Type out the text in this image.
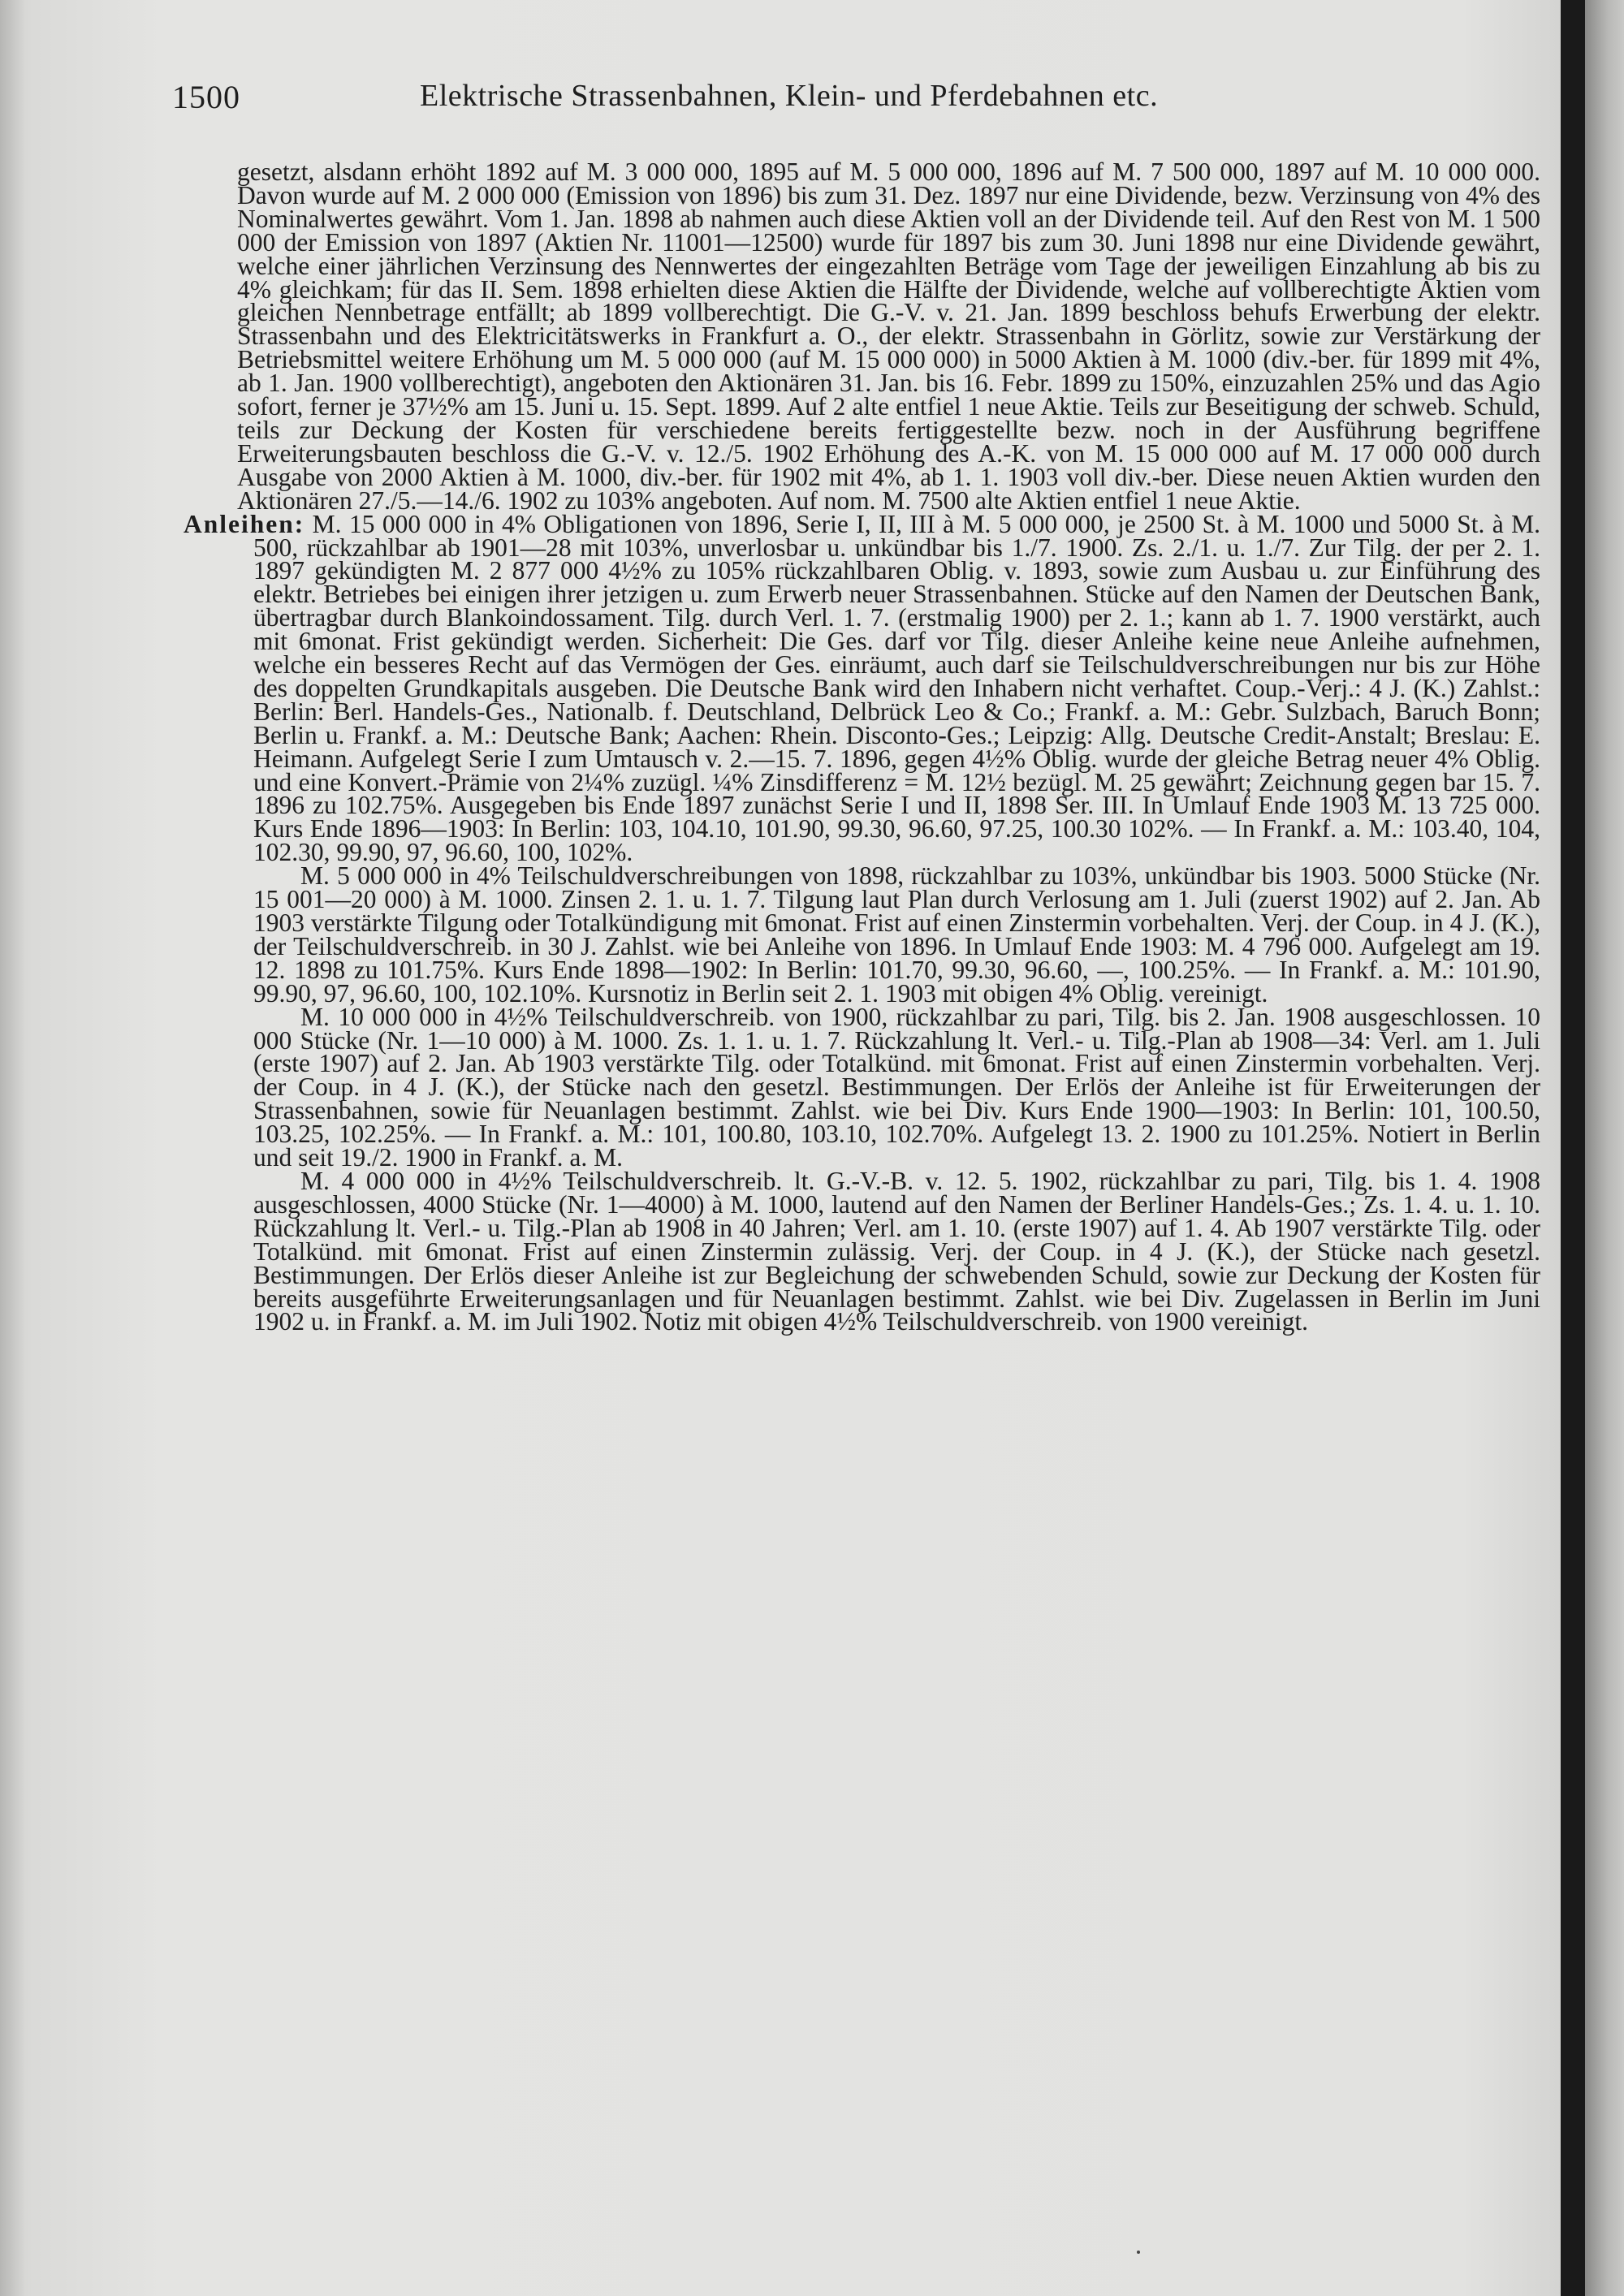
1500	Elektrische Strassenbahnen, Klein- und Pferdebahnen etc.

gesetzt, alsdann erhöht 1892 auf M. 3 000 000, 1895 auf M. 5 000 000, 1896 auf M. 7 500 000, 1897 auf M. 10 000 000. Davon wurde auf M. 2 000 000 (Emission von 1896) bis zum 31. Dez. 1897 nur eine Dividende, bezw. Verzinsung von 4% des Nominalwertes gewährt. Vom 1. Jan. 1898 ab nahmen auch diese Aktien voll an der Dividende teil. Auf den Rest von M. 1 500 000 der Emission von 1897 (Aktien Nr. 11001—12500) wurde für 1897 bis zum 30. Juni 1898 nur eine Dividende gewährt, welche einer jährlichen Verzinsung des Nennwertes der eingezahlten Beträge vom Tage der jeweiligen Einzahlung ab bis zu 4% gleichkam; für das II. Sem. 1898 erhielten diese Aktien die Hälfte der Dividende, welche auf vollberechtigte Aktien vom gleichen Nennbetrage entfällt; ab 1899 vollberechtigt. Die G.-V. v. 21. Jan. 1899 beschloss behufs Erwerbung der elektr. Strassenbahn und des Elektricitätswerks in Frankfurt a. O., der elektr. Strassenbahn in Görlitz, sowie zur Verstärkung der Betriebsmittel weitere Erhöhung um M. 5 000 000 (auf M. 15 000 000) in 5000 Aktien à M. 1000 (div.-ber. für 1899 mit 4%, ab 1. Jan. 1900 vollberechtigt), angeboten den Aktionären 31. Jan. bis 16. Febr. 1899 zu 150%, einzuzahlen 25% und das Agio sofort, ferner je 37½% am 15. Juni u. 15. Sept. 1899. Auf 2 alte entfiel 1 neue Aktie. Teils zur Beseitigung der schweb. Schuld, teils zur Deckung der Kosten für verschiedene bereits fertiggestellte bezw. noch in der Ausführung begriffene Erweiterungsbauten beschloss die G.-V. v. 12./5. 1902 Erhöhung des A.-K. von M. 15 000 000 auf M. 17 000 000 durch Ausgabe von 2000 Aktien à M. 1000, div.-ber. für 1902 mit 4%, ab 1. 1. 1903 voll div.-ber. Diese neuen Aktien wurden den Aktionären 27./5.—14./6. 1902 zu 103% angeboten. Auf nom. M. 7500 alte Aktien entfiel 1 neue Aktie.

Anleihen: M. 15 000 000 in 4% Obligationen von 1896, Serie I, II, III à M. 5 000 000, je 2500 St. à M. 1000 und 5000 St. à M. 500, rückzahlbar ab 1901—28 mit 103%, unverlosbar u. unkündbar bis 1./7. 1900. Zs. 2./1. u. 1./7. Zur Tilg. der per 2. 1. 1897 gekündigten M. 2 877 000 4½% zu 105% rückzahlbaren Oblig. v. 1893, sowie zum Ausbau u. zur Einführung des elektr. Betriebes bei einigen ihrer jetzigen u. zum Erwerb neuer Strassenbahnen. Stücke auf den Namen der Deutschen Bank, übertragbar durch Blankoindossament. Tilg. durch Verl. 1. 7. (erstmalig 1900) per 2. 1.; kann ab 1. 7. 1900 verstärkt, auch mit 6monat. Frist gekündigt werden. Sicherheit: Die Ges. darf vor Tilg. dieser Anleihe keine neue Anleihe aufnehmen, welche ein besseres Recht auf das Vermögen der Ges. einräumt, auch darf sie Teilschuldverschreibungen nur bis zur Höhe des doppelten Grundkapitals ausgeben. Die Deutsche Bank wird den Inhabern nicht verhaftet. Coup.-Verj.: 4 J. (K.) Zahlst.: Berlin: Berl. Handels-Ges., Nationalb. f. Deutschland, Delbrück Leo & Co.; Frankf. a. M.: Gebr. Sulzbach, Baruch Bonn; Berlin u. Frankf. a. M.: Deutsche Bank; Aachen: Rhein. Disconto-Ges.; Leipzig: Allg. Deutsche Credit-Anstalt; Breslau: E. Heimann. Aufgelegt Serie I zum Umtausch v. 2.—15. 7. 1896, gegen 4½% Oblig. wurde der gleiche Betrag neuer 4% Oblig. und eine Konvert.-Prämie von 2¼% zuzügl. ¼% Zinsdifferenz = M. 12½ bezügl. M. 25 gewährt; Zeichnung gegen bar 15. 7. 1896 zu 102.75%. Ausgegeben bis Ende 1897 zunächst Serie I und II, 1898 Ser. III. In Umlauf Ende 1903 M. 13 725 000. Kurs Ende 1896—1903: In Berlin: 103, 104.10, 101.90, 99.30, 96.60, 97.25, 100.30 102%. — In Frankf. a. M.: 103.40, 104, 102.30, 99.90, 97, 96.60, 100, 102%.

M. 5 000 000 in 4% Teilschuldverschreibungen von 1898, rückzahlbar zu 103%, unkündbar bis 1903. 5000 Stücke (Nr. 15 001—20 000) à M. 1000. Zinsen 2. 1. u. 1. 7. Tilgung laut Plan durch Verlosung am 1. Juli (zuerst 1902) auf 2. Jan. Ab 1903 verstärkte Tilgung oder Totalkündigung mit 6monat. Frist auf einen Zinstermin vorbehalten. Verj. der Coup. in 4 J. (K.), der Teilschuldverschreib. in 30 J. Zahlst. wie bei Anleihe von 1896. In Umlauf Ende 1903: M. 4 796 000. Aufgelegt am 19. 12. 1898 zu 101.75%. Kurs Ende 1898—1902: In Berlin: 101.70, 99.30, 96.60, —, 100.25%. — In Frankf. a. M.: 101.90, 99.90, 97, 96.60, 100, 102.10%. Kursnotiz in Berlin seit 2. 1. 1903 mit obigen 4% Oblig. vereinigt.

M. 10 000 000 in 4½% Teilschuldverschreib. von 1900, rückzahlbar zu pari, Tilg. bis 2. Jan. 1908 ausgeschlossen. 10 000 Stücke (Nr. 1—10 000) à M. 1000. Zs. 1. 1. u. 1. 7. Rückzahlung lt. Verl.- u. Tilg.-Plan ab 1908—34: Verl. am 1. Juli (erste 1907) auf 2. Jan. Ab 1903 verstärkte Tilg. oder Totalkünd. mit 6monat. Frist auf einen Zinstermin vorbehalten. Verj. der Coup. in 4 J. (K.), der Stücke nach den gesetzl. Bestimmungen. Der Erlös der Anleihe ist für Erweiterungen der Strassenbahnen, sowie für Neuanlagen bestimmt. Zahlst. wie bei Div. Kurs Ende 1900—1903: In Berlin: 101, 100.50, 103.25, 102.25%. — In Frankf. a. M.: 101, 100.80, 103.10, 102.70%. Aufgelegt 13. 2. 1900 zu 101.25%. Notiert in Berlin und seit 19./2. 1900 in Frankf. a. M.

M. 4 000 000 in 4½% Teilschuldverschreib. lt. G.-V.-B. v. 12. 5. 1902, rückzahlbar zu pari, Tilg. bis 1. 4. 1908 ausgeschlossen, 4000 Stücke (Nr. 1—4000) à M. 1000, lautend auf den Namen der Berliner Handels-Ges.; Zs. 1. 4. u. 1. 10. Rückzahlung lt. Verl.- u. Tilg.-Plan ab 1908 in 40 Jahren; Verl. am 1. 10. (erste 1907) auf 1. 4. Ab 1907 verstärkte Tilg. oder Totalkünd. mit 6monat. Frist auf einen Zinstermin zulässig. Verj. der Coup. in 4 J. (K.), der Stücke nach gesetzl. Bestimmungen. Der Erlös dieser Anleihe ist zur Begleichung der schwebenden Schuld, sowie zur Deckung der Kosten für bereits ausgeführte Erweiterungsanlagen und für Neuanlagen bestimmt. Zahlst. wie bei Div. Zugelassen in Berlin im Juni 1902 u. in Frankf. a. M. im Juli 1902. Notiz mit obigen 4½% Teilschuldverschreib. von 1900 vereinigt.
